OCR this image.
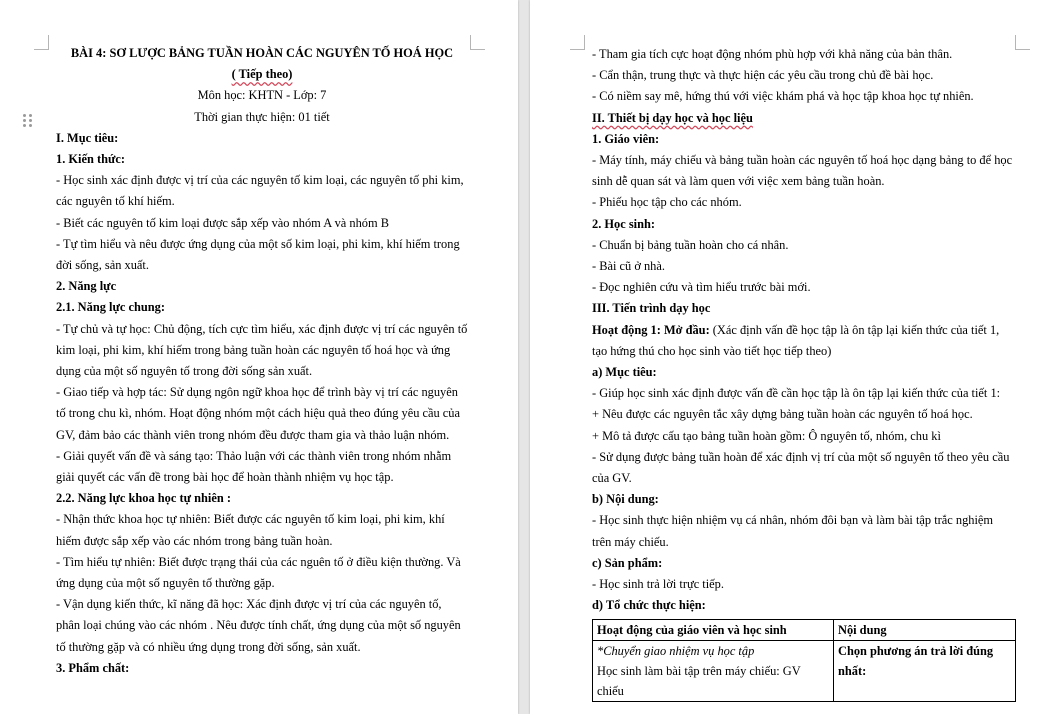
BÀI 4: SƠ LƯỢC BẢNG TUẦN HOÀN CÁC NGUYÊN TỐ HOÁ HỌC

( Tiếp theo)

Môn học: KHTN - Lớp: 7

Thời gian thực hiện: 01 tiết

I. Mục tiêu:

1. Kiến thức:

- Học sinh xác định được vị trí của các nguyên tố kim loại, các nguyên tố phi kim, các nguyên tố khí hiếm.

- Biết các nguyên tố kim loại được sắp xếp vào nhóm A và nhóm B

- Tự tìm hiểu và nêu được ứng dụng của một số kim loại, phi kim, khí hiếm trong đời sống, sản xuất.

2. Năng lực

2.1. Năng lực chung:

- Tự chủ và tự học: Chủ động, tích cực tìm hiểu, xác định được vị trí các nguyên tố kim loại, phi kim, khí hiếm trong bảng tuần hoàn các nguyên tố hoá học và ứng dụng của một số nguyên tố trong đời sống sản xuất.

- Giao tiếp và hợp tác: Sử dụng ngôn ngữ khoa học để trình bày vị trí các nguyên tố trong chu kì, nhóm. Hoạt động nhóm một cách hiệu quả theo đúng yêu cầu của GV, đảm bảo các thành viên trong nhóm đều được tham gia và thảo luận nhóm.

- Giải quyết vấn đề và sáng tạo: Thảo luận với các thành viên trong nhóm nhằm giải quyết các vấn đề trong bài học để hoàn thành nhiệm vụ học tập.

2.2. Năng lực khoa học tự nhiên :

- Nhận thức khoa học tự nhiên: Biết được các nguyên tố kim loại, phi kim, khí hiếm được sắp xếp vào các nhóm trong bảng tuần hoàn.

- Tìm hiểu tự nhiên: Biết được trạng thái của các nguên tố ở điều kiện thường. Và ứng dụng của một số nguyên tố thường gặp.

- Vận dụng kiến thức, kĩ năng đã học: Xác định được vị trí của các nguyên tố, phân loại chúng vào các nhóm . Nêu được tính chất, ứng dụng của một số nguyên tố thường gặp và có nhiều ứng dụng trong đời sống, sản xuất.

3. Phẩm chất:

- Tham gia tích cực hoạt động nhóm phù hợp với khả năng của bản thân.

- Cẩn thận, trung thực và thực hiện các yêu cầu trong chủ đề bài học.

- Có niềm say mê, hứng thú với việc khám phá và học tập khoa học tự nhiên.

II. Thiết bị dạy học và học liệu

1. Giáo viên:

- Máy tính, máy chiếu và bảng tuần hoàn các nguyên tố hoá học dạng bảng to để học sinh dễ quan sát và làm quen với việc xem bảng tuần hoàn.

- Phiếu học tập cho các nhóm.

2. Học sinh:

- Chuẩn bị bảng tuần hoàn cho cá nhân.

- Bài cũ ở nhà.

- Đọc nghiên cứu và tìm hiểu trước bài mới.

III. Tiến trình dạy học

Hoạt động 1: Mở đầu: (Xác định vấn đề học tập là ôn tập lại kiến thức của tiết 1, tạo hứng thú cho học sinh vào tiết học tiếp theo)

a) Mục tiêu:

- Giúp học sinh xác định được vấn đề cần học tập là ôn tập lại kiến thức của tiết 1:

+ Nêu được các nguyên tắc xây dựng bảng tuần hoàn các nguyên tố hoá học.

+ Mô tả được cấu tạo bảng tuần hoàn gồm: Ô nguyên tố, nhóm, chu kì

- Sử dụng được bảng tuần hoàn để xác định vị trí của một số nguyên tố theo yêu cầu của GV.

b) Nội dung:

- Học sinh thực hiện nhiệm vụ cá nhân, nhóm đôi bạn và làm bài tập trắc nghiệm trên máy chiếu.

c) Sản phẩm:

- Học sinh trả lời trực tiếp.

d) Tổ chức thực hiện:

Hoạt động của giáo viên và học sinh	Nội dung

*Chuyển giao nhiệm vụ học tập
Học sinh làm bài tập trên máy chiếu: GV chiếu	Chọn phương án trả lời đúng nhất:
